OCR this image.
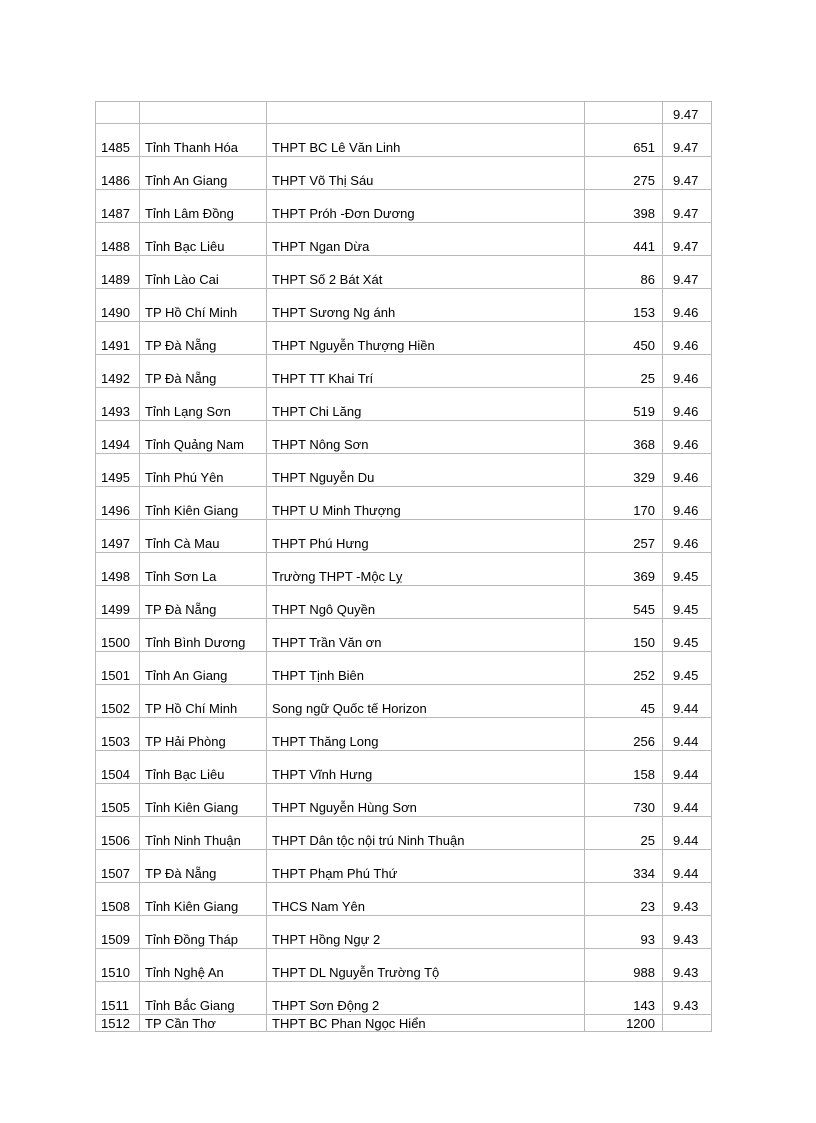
				9.47
1485	Tỉnh Thanh Hóa	THPT BC Lê Văn Linh	651	9.47
1486	Tỉnh An Giang	THPT Võ Thị Sáu	275	9.47
1487	Tỉnh Lâm Đồng	THPT Próh -Đơn Dương	398	9.47
1488	Tỉnh Bạc Liêu	THPT Ngan Dừa	441	9.47
1489	Tỉnh Lào Cai	THPT Số 2 Bát Xát	86	9.47
1490	TP Hồ Chí Minh	THPT Sương Ng ánh	153	9.46
1491	TP Đà Nẵng	THPT Nguyễn Thượng Hiền	450	9.46
1492	TP Đà Nẵng	THPT TT Khai Trí	25	9.46
1493	Tỉnh Lạng Sơn	THPT Chi Lăng	519	9.46
1494	Tỉnh Quảng Nam	THPT Nông Sơn	368	9.46
1495	Tỉnh Phú Yên	THPT Nguyễn Du	329	9.46
1496	Tỉnh Kiên Giang	THPT U Minh Thượng	170	9.46
1497	Tỉnh Cà Mau	THPT Phú Hưng	257	9.46
1498	Tỉnh Sơn La	Trường THPT -Mộc Lỵ	369	9.45
1499	TP Đà Nẵng	THPT Ngô Quyền	545	9.45
1500	Tỉnh Bình Dương	THPT Trần Văn ơn	150	9.45
1501	Tỉnh An Giang	THPT Tịnh Biên	252	9.45
1502	TP Hồ Chí Minh	Song ngữ Quốc tế Horizon	45	9.44
1503	TP Hải Phòng	THPT Thăng Long	256	9.44
1504	Tỉnh Bạc Liêu	THPT Vĩnh Hưng	158	9.44
1505	Tỉnh Kiên Giang	THPT Nguyễn Hùng Sơn	730	9.44
1506	Tỉnh Ninh Thuận	THPT Dân tộc nội trú Ninh Thuận	25	9.44
1507	TP Đà Nẵng	THPT Phạm Phú Thứ	334	9.44
1508	Tỉnh Kiên Giang	THCS Nam Yên	23	9.43
1509	Tỉnh Đồng Tháp	THPT Hồng Ngự 2	93	9.43
1510	Tỉnh Nghệ An	THPT DL Nguyễn Trường Tộ	988	9.43
1511	Tỉnh Bắc Giang	THPT Sơn Động 2	143	9.43
1512	TP Cần Thơ	THPT BC Phan Ngọc Hiển	1200	
